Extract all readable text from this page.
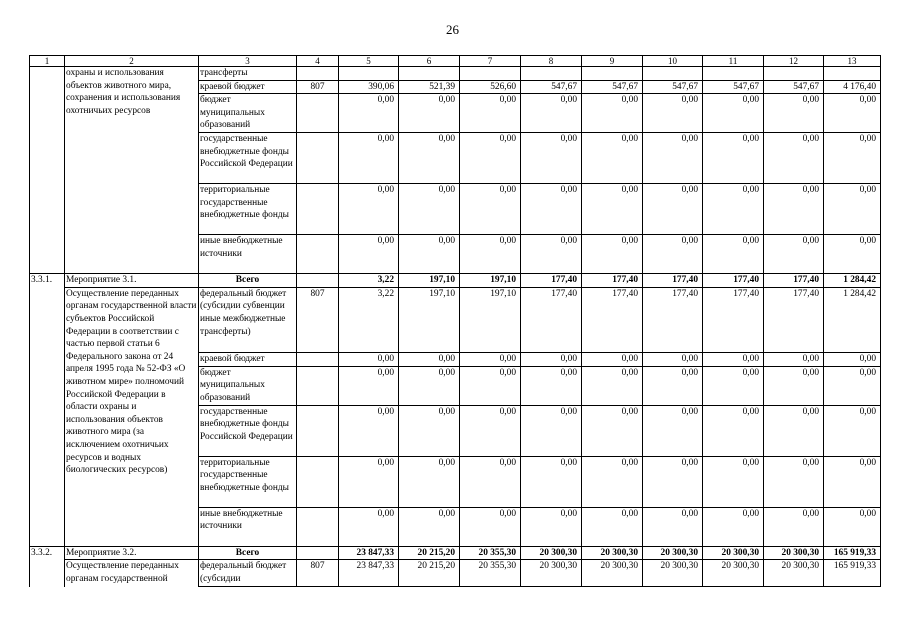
26
1	2	3	4	5	6	7	8	9	10	11	12	13
	охраны и использования объектов животного мира, сохранения и использования охотничьих ресурсов	трансферты										
		краевой бюджет	807	390,06	521,39	526,60	547,67	547,67	547,67	547,67	547,67	4 176,40
		бюджет муниципальных образований		0,00	0,00	0,00	0,00	0,00	0,00	0,00	0,00	0,00
		государственные внебюджетные фонды Российской Федерации		0,00	0,00	0,00	0,00	0,00	0,00	0,00	0,00	0,00
		территориальные государственные внебюджетные фонды		0,00	0,00	0,00	0,00	0,00	0,00	0,00	0,00	0,00
		иные внебюджетные источники		0,00	0,00	0,00	0,00	0,00	0,00	0,00	0,00	0,00
3.3.1.	Мероприятие 3.1.	Всего		3,22	197,10	197,10	177,40	177,40	177,40	177,40	177,40	1 284,42
	Осуществление переданных органам государственной власти субъектов Российской Федерации в соответствии с частью первой статьи 6 Федерального закона от 24 апреля 1995 года № 52-ФЗ «О животном мире» полномочий Российской Федерации в области охраны и использования объектов животного мира (за исключением охотничьих ресурсов и водных биологических ресурсов)	федеральный бюджет (субсидии субвенции иные межбюджетные трансферты)	807	3,22	197,10	197,10	177,40	177,40	177,40	177,40	177,40	1 284,42
		краевой бюджет		0,00	0,00	0,00	0,00	0,00	0,00	0,00	0,00	0,00
		бюджет муниципальных образований		0,00	0,00	0,00	0,00	0,00	0,00	0,00	0,00	0,00
		государственные внебюджетные фонды Российской Федерации		0,00	0,00	0,00	0,00	0,00	0,00	0,00	0,00	0,00
		территориальные государственные внебюджетные фонды		0,00	0,00	0,00	0,00	0,00	0,00	0,00	0,00	0,00
		иные внебюджетные источники		0,00	0,00	0,00	0,00	0,00	0,00	0,00	0,00	0,00
3.3.2.	Мероприятие 3.2.	Всего		23 847,33	20 215,20	20 355,30	20 300,30	20 300,30	20 300,30	20 300,30	20 300,30	165 919,33
	Осуществление переданных органам государственной	федеральный бюджет (субсидии	807	23 847,33	20 215,20	20 355,30	20 300,30	20 300,30	20 300,30	20 300,30	20 300,30	165 919,33
